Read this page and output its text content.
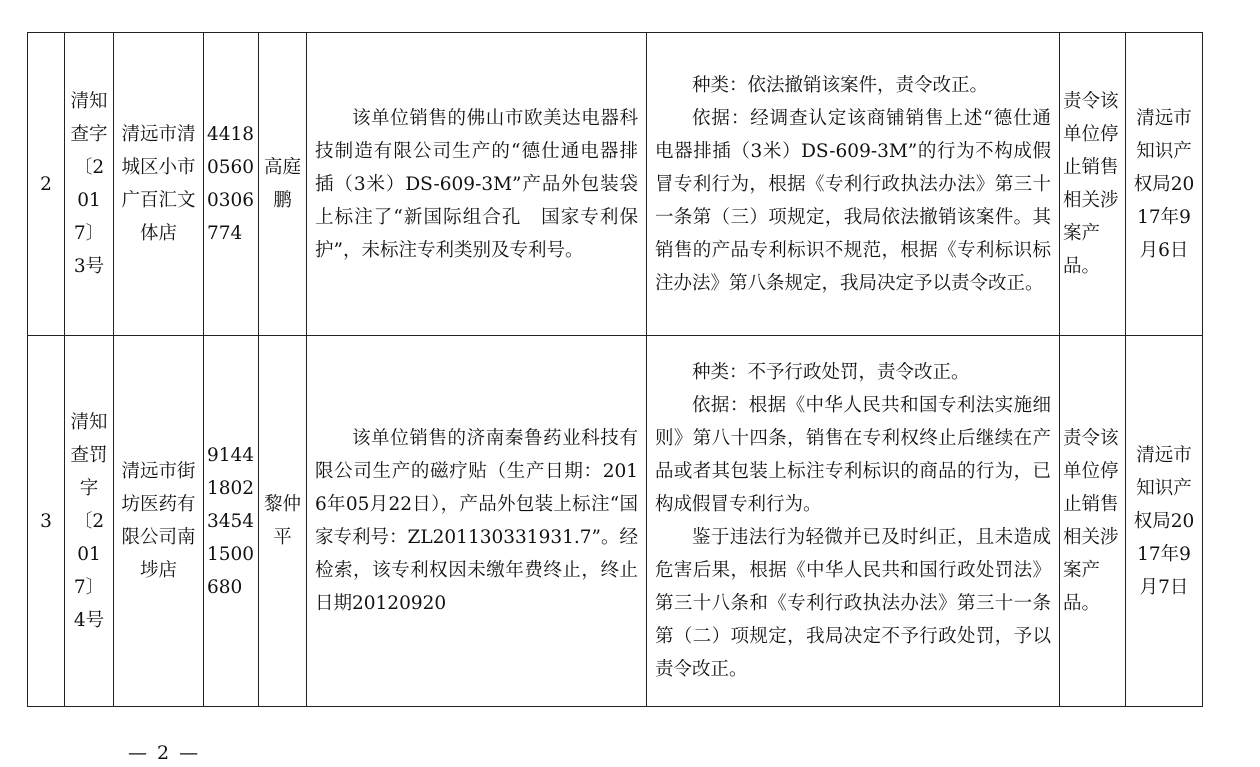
2	清知查字〔2017〕3号	清远市清城区小市广百汇文体店	441805600306774	高庭鹏	该单位销售的佛山市欧美达电器科技制造有限公司生产的“德仕通电器排插（3米）DS-609-3M”产品外包装袋上标注了“新国际组合孔　国家专利保护”，未标注专利类别及专利号。	种类：依法撤销该案件，责令改正。

依据：经调查认定该商铺销售上述“德仕通电器排插（3米）DS-609-3M”的行为不构成假冒专利行为，根据《专利行政执法办法》第三十一条第（三）项规定，我局依法撤销该案件。其销售的产品专利标识不规范，根据《专利标识标注办法》第八条规定，我局决定予以责令改正。	责令该单位停止销售相关涉案产品。	清远市知识产权局2017年9月6日
3	清知查罚字〔2017〕4号	清远市街坊医药有限公司南埗店	9144180234541500680	黎仲平	该单位销售的济南秦鲁药业科技有限公司生产的磁疗贴（生产日期：2016年05月22日），产品外包装上标注“国家专利号：ZL201130331931.7”。经检索，该专利权因未缴年费终止，终止日期20120920	种类：不予行政处罚，责令改正。

依据：根据《中华人民共和国专利法实施细则》第八十四条，销售在专利权终止后继续在产品或者其包装上标注专利标识的商品的行为，已构成假冒专利行为。

鉴于违法行为轻微并已及时纠正，且未造成危害后果，根据《中华人民共和国行政处罚法》第三十八条和《专利行政执法办法》第三十一条第（二）项规定，我局决定不予行政处罚，予以责令改正。	责令该单位停止销售相关涉案产品。	清远市知识产权局2017年9月7日
— 2 —
